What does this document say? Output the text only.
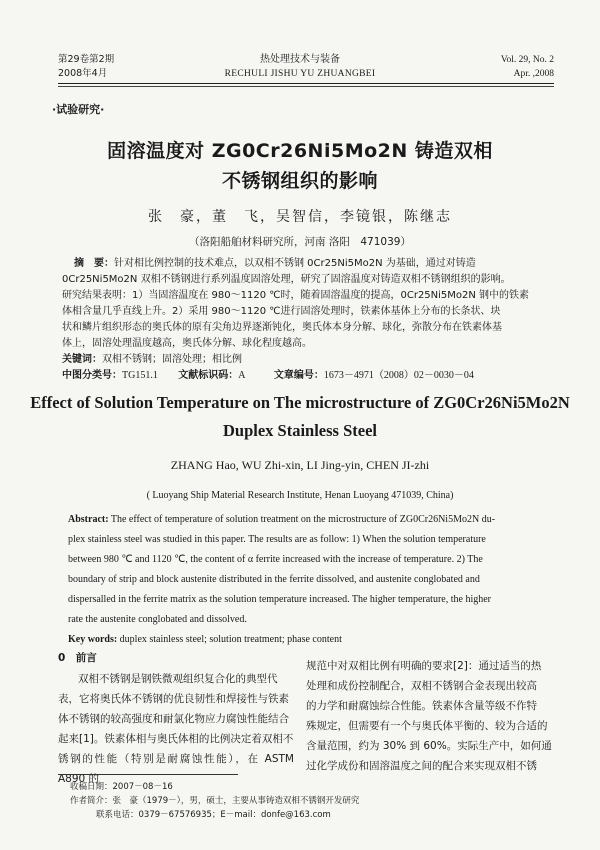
第29卷第2期
2008年4月
热处理技术与装备
RECHULI JISHU YU ZHUANGBEI
Vol. 29, No. 2
Apr. ,2008
·试验研究·
固溶温度对 ZG0Cr26Ni5Mo2N 铸造双相
不锈钢组织的影响
张　豪，董　飞，吴智信，李镜银，陈继志
（洛阳船舶材料研究所，河南 洛阳　471039）
摘　要：针对相比例控制的技术难点，以双相不锈钢 0Cr25Ni5Mo2N 为基础，通过对铸造
0Cr25Ni5Mo2N 双相不锈钢进行系列温度固溶处理，研究了固溶温度对铸造双相不锈钢组织的影响。
研究结果表明：1）当固溶温度在 980～1120 ℃时，随着固溶温度的提高，0Cr25Ni5Mo2N 钢中的铁素
体相含量几乎直线上升。2）采用 980～1120 ℃进行固溶处理时，铁素体基体上分布的长条状、块
状和鳞片组织形态的奥氏体的原有尖角边界逐渐钝化，奥氏体本身分解、球化，弥散分布在铁素体基
体上，固溶处理温度越高，奥氏体分解、球化程度越高。
关键词：双相不锈钢；固溶处理；相比例
中图分类号：TG151.1 文献标识码：A	文章编号：1673－4971（2008）02－0030－04
Effect of Solution Temperature on The microstructure of ZG0Cr26Ni5Mo2N
Duplex Stainless Steel
ZHANG Hao, WU Zhi-xin, LI Jing-yin, CHEN JI-zhi
( Luoyang Ship Material Research Institute, Henan Luoyang 471039, China)
Abstract: The effect of temperature of solution treatment on the microstructure of ZG0Cr26Ni5Mo2N du-
plex stainless steel was studied in this paper. The results are as follow: 1) When the solution temperature
between 980 ℃ and 1120 ℃, the content of α ferrite increased with the increase of temperature. 2) The
boundary of strip and block austenite distributed in the ferrite dissolved, and austenite conglobated and
dispersalled in the ferrite matrix as the solution temperature increased. The higher temperature, the higher
rate the austenite conglobated and dissolved.
Key words: duplex stainless steel; solution treatment; phase content
0　前言
双相不锈钢是钢铁微观组织复合化的典型代
表，它将奥氏体不锈钢的优良韧性和焊接性与铁素
体不锈钢的较高强度和耐氯化物应力腐蚀性能结合
起来[1]。铁素体相与奥氏体相的比例决定着双相不
锈钢的性能（特别是耐腐蚀性能），在 ASTM A890 的
规范中对双相比例有明确的要求[2]：通过适当的热
处理和成份控制配合，双相不锈钢合金表现出较高
的力学和耐腐蚀综合性能。铁素体含量等级不作特
殊规定，但需要有一个与奥氏体平衡的、较为合适的
含量范围，约为 30% 到 60%。实际生产中，如何通
过化学成份和固溶温度之间的配合来实现双相不锈
收稿日期：2007－08－16
作者简介：张　豪（1979－），男，硕士，主要从事铸造双相不锈钢开发研究
联系电话：0379－67576935；E－mail：donfe@163.com
